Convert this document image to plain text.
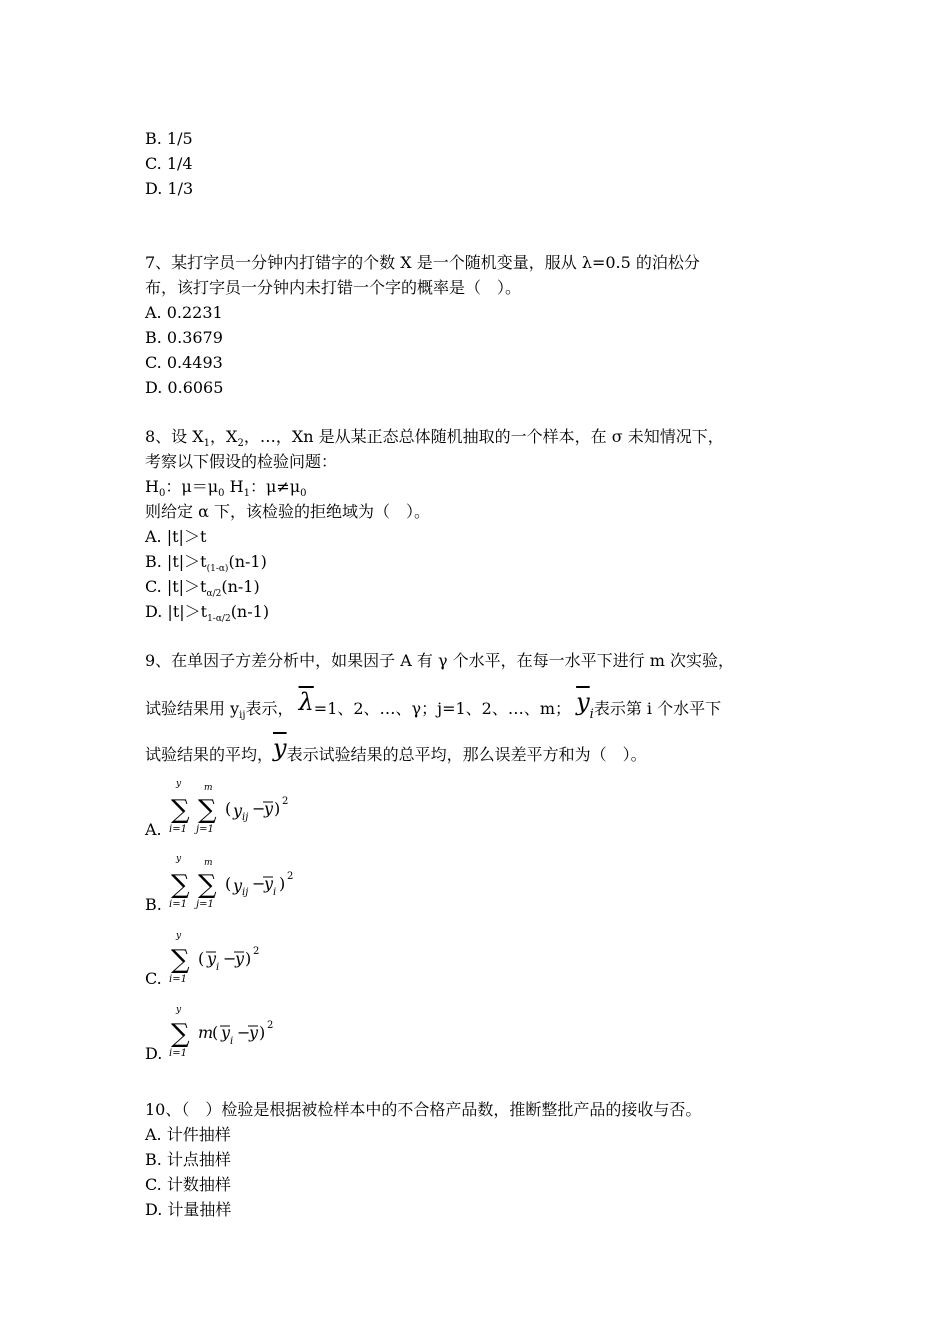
B. 1/5
C. 1/4
D. 1/3
7、某打字员一分钟内打错字的个数 X 是一个随机变量，服从 λ=0.5 的泊松分
布，该打字员一分钟内未打错一个字的概率是（　）。
A. 0.2231
B. 0.3679
C. 0.4493
D. 0.6065
8、设 $X_1$，$X_2$，…，Xn 是从某正态总体随机抽取的一个样本，在 σ 未知情况下，
考察以下假设的检验问题：
$H_0$：$\mu=\mu_0$ $H_1$：$\mu\ne\mu_0$
则给定 α 下，该检验的拒绝域为（　）。
A. |t|＞t
B. $|t|>t_{(1-\alpha)}(n-1)$
C. $|t|>t_{\alpha/2}(n-1)$
D. $|t|>t_{1-\alpha/2}(n-1)$
9、在单因子方差分析中，如果因子 A 有 γ 个水平，在每一水平下进行 m 次实验，
试验结果用 $y_{ij}$表示， $\overline{\lambda}=1$、2、…、γ；j=1、2、…、m； $\overline{y}_i$表示第 i 个水平下
试验结果的平均，$\overline{y}$表示试验结果的总平均，那么误差平方和为（　）。
A.
y
∑
i=1
m
∑
j=1
( y ij −
y ) 2
B.
y
∑
i=1
m
∑
j=1
( y ij −
y i ) 2
C.
y
∑
i=1
( y i −
y ) 2
D.
y
∑
i=1
m
( y i −
y ) 2
10、（　）检验是根据被检样本中的不合格产品数，推断整批产品的接收与否。
A. 计件抽样
B. 计点抽样
C. 计数抽样
D. 计量抽样
